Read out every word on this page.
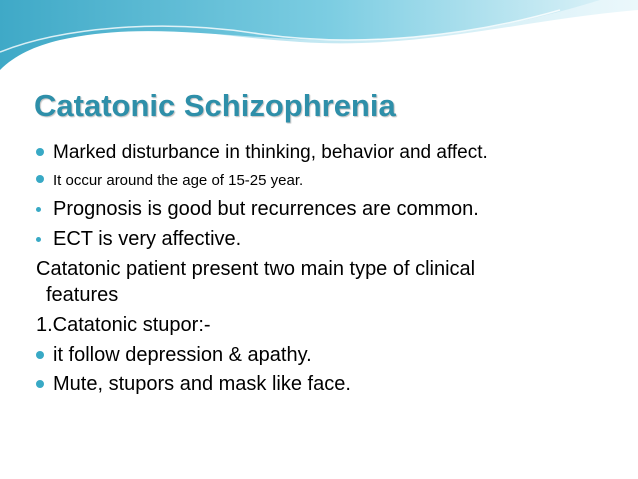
Catatonic Schizophrenia
Marked disturbance in thinking, behavior and affect.
It occur around the age of 15-25 year.
Prognosis is good but recurrences are common.
ECT is very affective.
Catatonic patient present two main type of clinical
features
1.Catatonic stupor:-
it follow depression & apathy.
Mute, stupors and mask like face.
